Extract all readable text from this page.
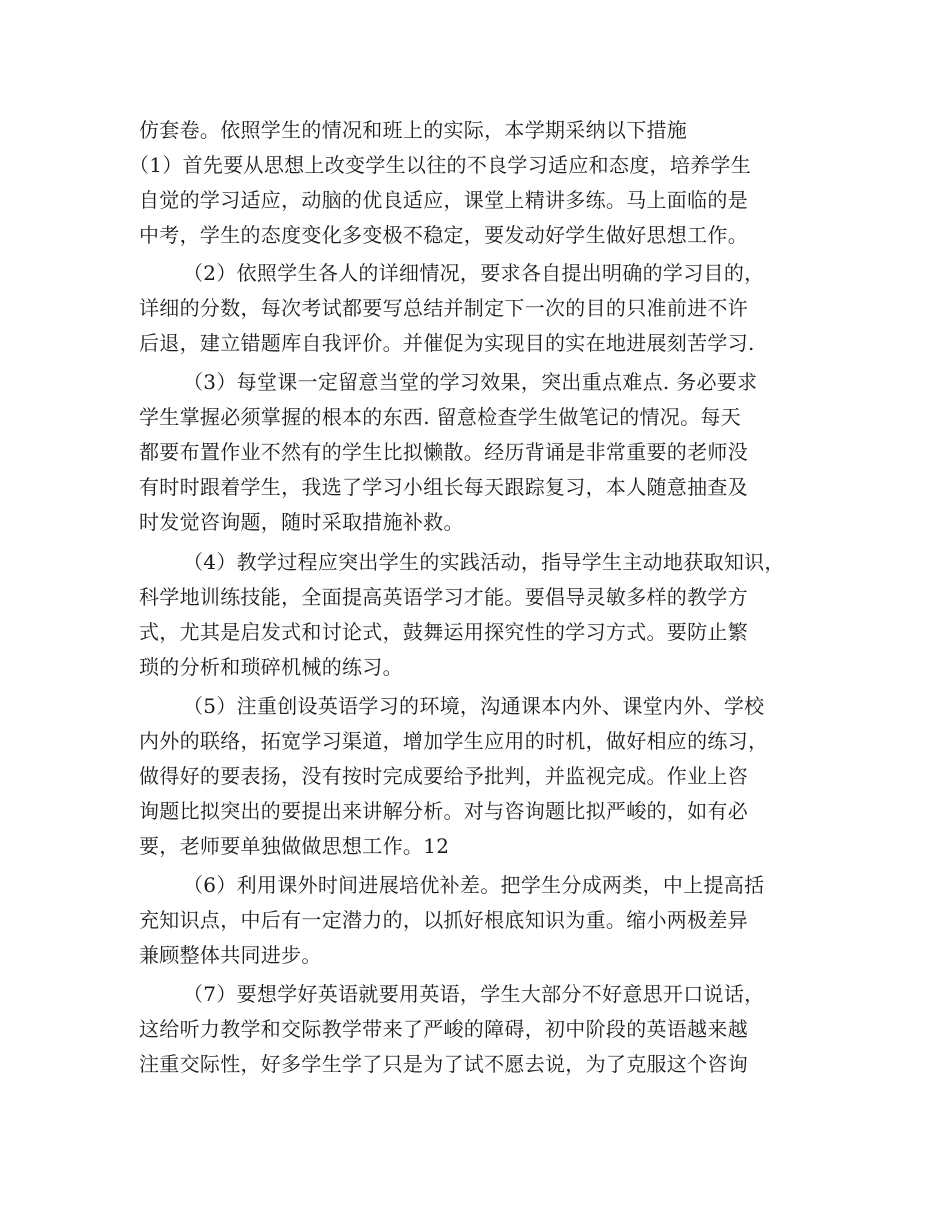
仿套卷。依照学生的情况和班上的实际，本学期采纳以下措施
（1）首先要从思想上改变学生以往的不良学习适应和态度，培养学生
自觉的学习适应，动脑的优良适应，课堂上精讲多练。马上面临的是
中考，学生的态度变化多变极不稳定，要发动好学生做好思想工作。
（2）依照学生各人的详细情况，要求各自提出明确的学习目的，
详细的分数，每次考试都要写总结并制定下一次的目的只准前进不许
后退，建立错题库自我评价。并催促为实现目的实在地进展刻苦学习.
（3）每堂课一定留意当堂的学习效果，突出重点难点. 务必要求
学生掌握必须掌握的根本的东西. 留意检查学生做笔记的情况。每天
都要布置作业不然有的学生比拟懒散。经历背诵是非常重要的老师没
有时时跟着学生，我选了学习小组长每天跟踪复习，本人随意抽查及
时发觉咨询题，随时采取措施补救。
（4）教学过程应突出学生的实践活动，指导学生主动地获取知识，
科学地训练技能，全面提高英语学习才能。要倡导灵敏多样的教学方
式，尤其是启发式和讨论式，鼓舞运用探究性的学习方式。要防止繁
琐的分析和琐碎机械的练习。
（5）注重创设英语学习的环境，沟通课本内外、课堂内外、学校
内外的联络，拓宽学习渠道，增加学生应用的时机，做好相应的练习，
做得好的要表扬，没有按时完成要给予批判，并监视完成。作业上咨
询题比拟突出的要提出来讲解分析。对与咨询题比拟严峻的，如有必
要，老师要单独做做思想工作。12
（6）利用课外时间进展培优补差。把学生分成两类，中上提高括
充知识点，中后有一定潜力的，以抓好根底知识为重。缩小两极差异
兼顾整体共同进步。
（7）要想学好英语就要用英语，学生大部分不好意思开口说话，
这给听力教学和交际教学带来了严峻的障碍，初中阶段的英语越来越
注重交际性，好多学生学了只是为了试不愿去说，为了克服这个咨询
